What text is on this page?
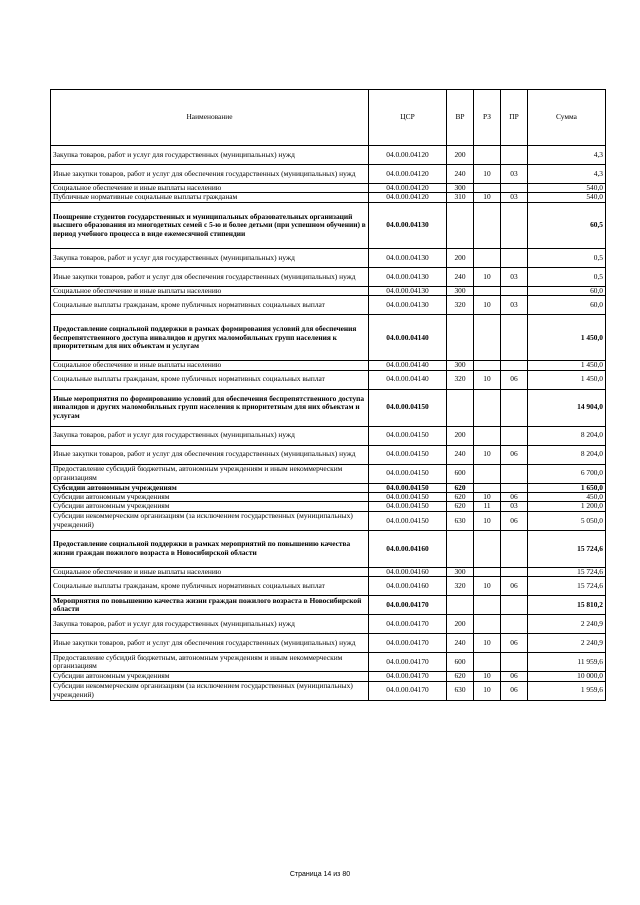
Наименование	ЦСР	ВР	РЗ	ПР	Сумма
Закупка товаров, работ и услуг для государственных (муниципальных) нужд	04.0.00.04120	200			4,3
Иные закупки товаров, работ и услуг для обеспечения государственных (муниципальных) нужд	04.0.00.04120	240	10	03	4,3
Социальное обеспечение и иные выплаты населению	04.0.00.04120	300			540,0
Публичные нормативные социальные выплаты гражданам	04.0.00.04120	310	10	03	540,0
Поощрение студентов государственных и муниципальных образовательных организаций высшего образования из многодетных семей с 5-ю и более детьми (при успешном обучении) в период учебного процесса в виде ежемесячной стипендии	04.0.00.04130				60,5
Закупка товаров, работ и услуг для государственных (муниципальных) нужд	04.0.00.04130	200			0,5
Иные закупки товаров, работ и услуг для обеспечения государственных (муниципальных) нужд	04.0.00.04130	240	10	03	0,5
Социальное обеспечение и иные выплаты населению	04.0.00.04130	300			60,0
Социальные выплаты гражданам, кроме публичных нормативных социальных выплат	04.0.00.04130	320	10	03	60,0
Предоставление социальной поддержки в рамках формирования условий для обеспечения беспрепятственного доступа инвалидов и других маломобильных групп населения к приоритетным для них объектам и услугам	04.0.00.04140				1 450,0
Социальное обеспечение и иные выплаты населению	04.0.00.04140	300			1 450,0
Социальные выплаты гражданам, кроме публичных нормативных социальных выплат	04.0.00.04140	320	10	06	1 450,0
Иные мероприятия по формированию условий для обеспечения беспрепятственного доступа инвалидов и других маломобильных групп населения к приоритетным для них объектам и услугам	04.0.00.04150				14 904,0
Закупка товаров, работ и услуг для государственных (муниципальных) нужд	04.0.00.04150	200			8 204,0
Иные закупки товаров, работ и услуг для обеспечения государственных (муниципальных) нужд	04.0.00.04150	240	10	06	8 204,0
Предоставление субсидий бюджетным, автономным учреждениям и иным некоммерческим организациям	04.0.00.04150	600			6 700,0
Субсидии автономным учреждениям	04.0.00.04150	620			1 650,0
Субсидии автономным учреждениям	04.0.00.04150	620	10	06	450,0
Субсидии автономным учреждениям	04.0.00.04150	620	11	03	1 200,0
Субсидии некоммерческим организациям (за исключением государственных (муниципальных) учреждений)	04.0.00.04150	630	10	06	5 050,0
Предоставление социальной поддержки в рамках мероприятий по повышению качества жизни граждан пожилого возраста в Новосибирской области	04.0.00.04160				15 724,6
Социальное обеспечение и иные выплаты населению	04.0.00.04160	300			15 724,6
Социальные выплаты гражданам, кроме публичных нормативных социальных выплат	04.0.00.04160	320	10	06	15 724,6
Мероприятия по повышению качества жизни граждан пожилого возраста в Новосибирской области	04.0.00.04170				15 810,2
Закупка товаров, работ и услуг для государственных (муниципальных) нужд	04.0.00.04170	200			2 240,9
Иные закупки товаров, работ и услуг для обеспечения государственных (муниципальных) нужд	04.0.00.04170	240	10	06	2 240,9
Предоставление субсидий бюджетным, автономным учреждениям и иным некоммерческим организациям	04.0.00.04170	600			11 959,6
Субсидии автономным учреждениям	04.0.00.04170	620	10	06	10 000,0
Субсидии некоммерческим организациям (за исключением государственных (муниципальных) учреждений)	04.0.00.04170	630	10	06	1 959,6
Страница 14 из 80
